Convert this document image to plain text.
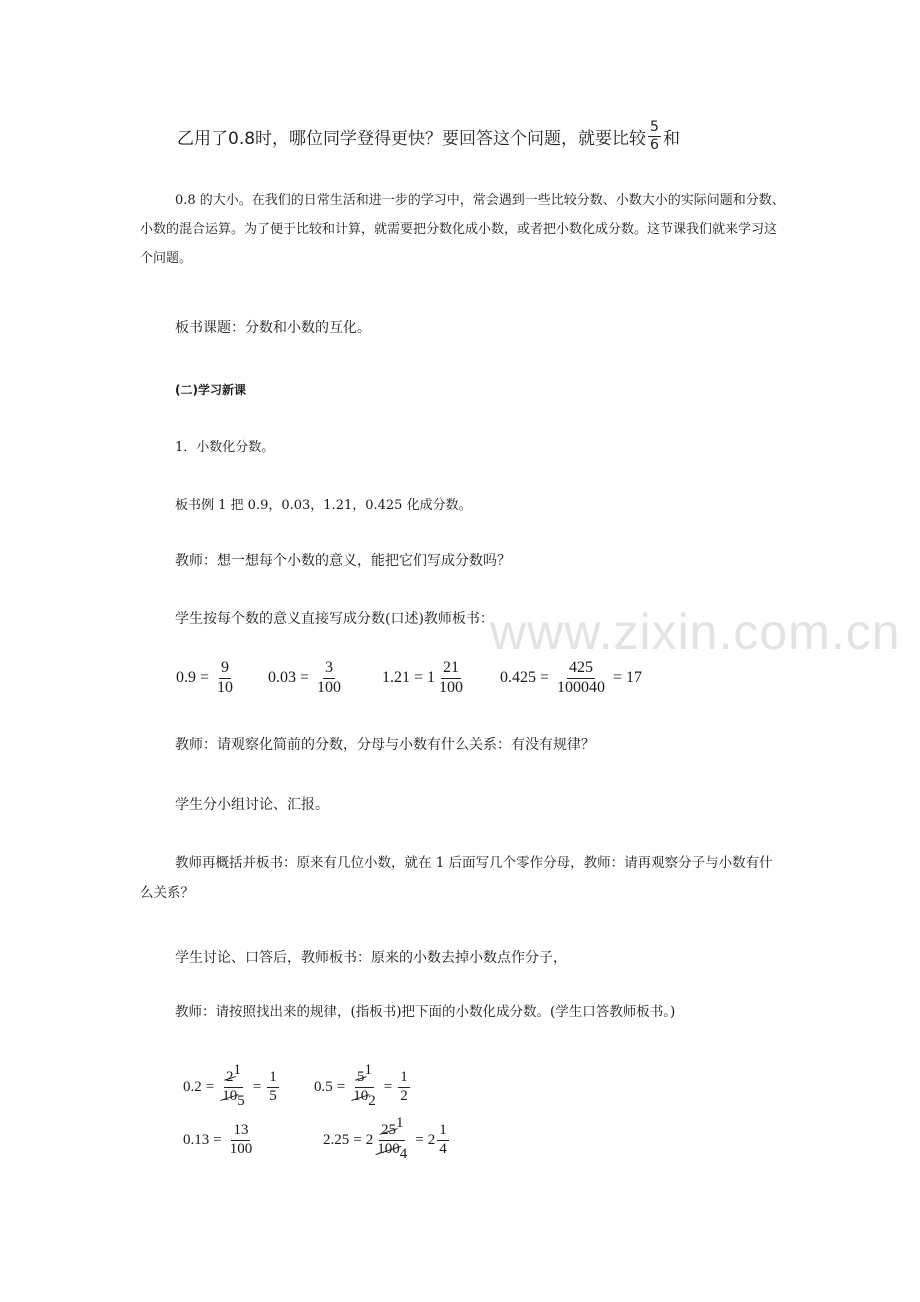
www.zixin.com.cn
乙用了0.8时，哪位同学登得更快？要回答这个问题，就要比较 $\frac{5}{6}$ 和
0.8 的大小。在我们的日常生活和进一步的学习中，常会遇到一些比较分数、小数大小的实际问题和分数、小数的混合运算。为了便于比较和计算，就需要把分数化成小数，或者把小数化成分数。这节课我们就来学习这个问题。
板书课题：分数和小数的互化。
(二)学习新课
1．小数化分数。
板书例 1 把 0.9，0.03，1.21，0.425 化成分数。
教师：想一想每个小数的意义，能把它们写成分数吗？
学生按每个数的意义直接写成分数(口述)教师板书：
$0.9 = \frac{9}{10} 0.03 = \frac{3}{100} 1.21 = 1 \frac{21}{100} 0.425 = \frac{425}{100040} = 17$
教师：请观察化简前的分数，分母与小数有什么关系：有没有规律？
学生分小组讨论、汇报。
教师再概括并板书：原来有几位小数，就在 1 后面写几个零作分母，教师：请再观察分子与小数有什么关系？
学生讨论、口答后，教师板书：原来的小数去掉小数点作分子，
教师：请按照找出来的规律，(指板书)把下面的小数化成分数。(学生口答教师板书。)
$0.2 = \frac{21}{105} = \frac{1}{5} 0.5 = \frac{51}{102} = \frac{1}{2}$
$0.13 = \frac{13}{100}$	$2.25 = 2 \frac{251}{1004} = 2 \frac{1}{4}$
